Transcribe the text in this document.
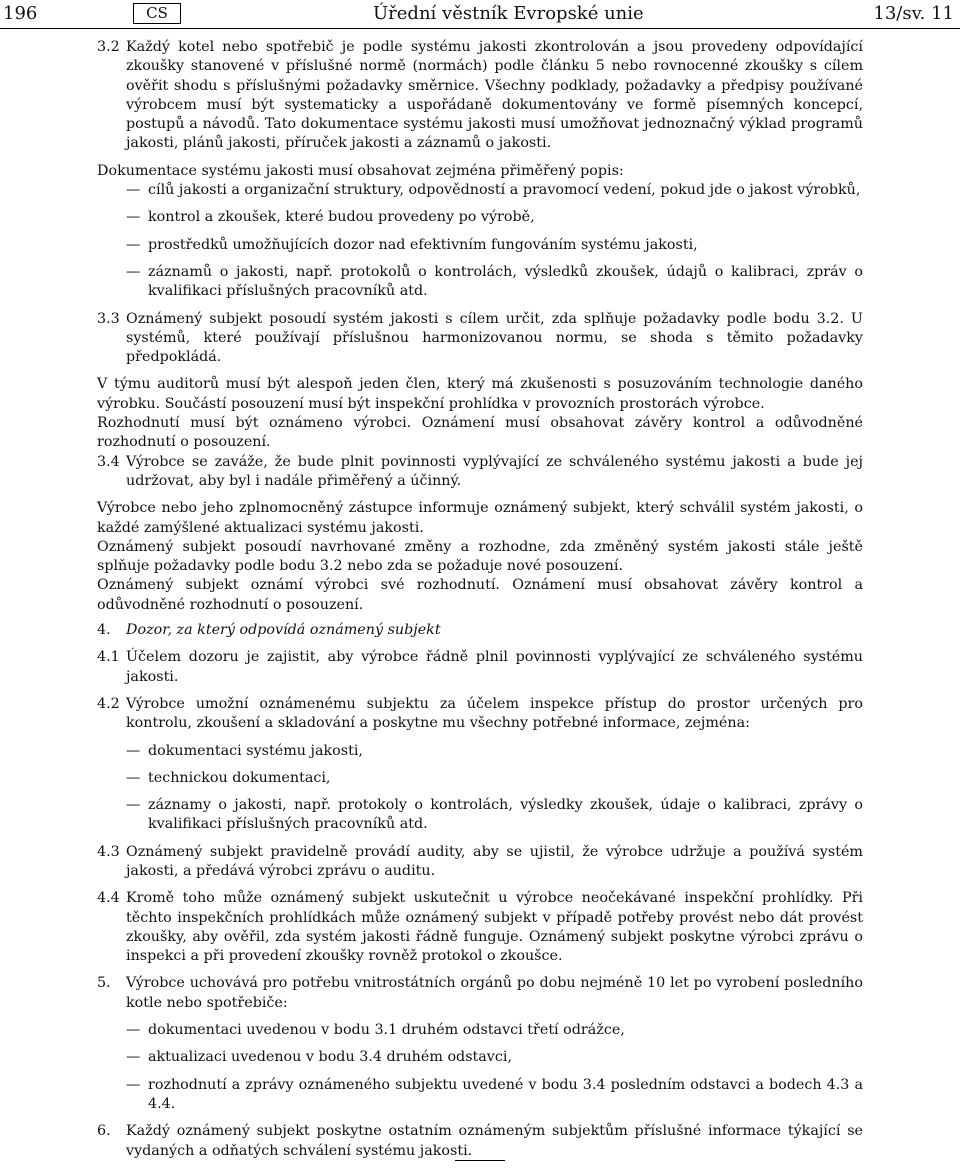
196	CS	Úřední věstník Evropské unie	13/sv. 11
3.2 Každý kotel nebo spotřebič je podle systému jakosti zkontrolován a jsou provedeny odpovídající zkoušky stanovené v příslušné normě (normách) podle článku 5 nebo rovnocenné zkoušky s cílem ověřit shodu s příslušnými požadavky směrnice. Všechny podklady, požadavky a předpisy používané výrobcem musí být systematicky a uspořádaně dokumentovány ve formě písemných koncepcí, postupů a návodů. Tato dokumentace systému jakosti musí umožňovat jednoznačný výklad programů jakosti, plánů jakosti, příruček jakosti a záznamů o jakosti.

Dokumentace systému jakosti musí obsahovat zejména přiměřený popis:

— cílů jakosti a organizační struktury, odpovědností a pravomocí vedení, pokud jde o jakost výrobků,
— kontrol a zkoušek, které budou provedeny po výrobě,
— prostředků umožňujících dozor nad efektivním fungováním systému jakosti,
— záznamů o jakosti, např. protokolů o kontrolách, výsledků zkoušek, údajů o kalibraci, zpráv o kvalifikaci příslušných pracovníků atd.
3.3 Oznámený subjekt posoudí systém jakosti s cílem určit, zda splňuje požadavky podle bodu 3.2. U systémů, které používají příslušnou harmonizovanou normu, se shoda s těmito požadavky předpokládá.

V týmu auditorů musí být alespoň jeden člen, který má zkušenosti s posuzováním technologie daného výrobku. Součástí posouzení musí být inspekční prohlídka v provozních prostorách výrobce.

Rozhodnutí musí být oznámeno výrobci. Oznámení musí obsahovat závěry kontrol a odůvodněné rozhodnutí o posouzení.

3.4 Výrobce se zaváže, že bude plnit povinnosti vyplývající ze schváleného systému jakosti a bude jej udržovat, aby byl i nadále přiměřený a účinný.

Výrobce nebo jeho zplnomocněný zástupce informuje oznámený subjekt, který schválil systém jakosti, o každé zamýšlené aktualizaci systému jakosti.

Oznámený subjekt posoudí navrhované změny a rozhodne, zda změněný systém jakosti stále ještě splňuje požadavky podle bodu 3.2 nebo zda se požaduje nové posouzení.

Oznámený subjekt oznámí výrobci své rozhodnutí. Oznámení musí obsahovat závěry kontrol a odůvodněné rozhodnutí o posouzení.

4.	Dozor, za který odpovídá oznámený subjekt

4.1 Účelem dozoru je zajistit, aby výrobce řádně plnil povinnosti vyplývající ze schváleného systému jakosti.

4.2 Výrobce umožní oznámenému subjektu za účelem inspekce přístup do prostor určených pro kontrolu, zkoušení a skladování a poskytne mu všechny potřebné informace, zejména:

— dokumentaci systému jakosti,
— technickou dokumentaci,
— záznamy o jakosti, např. protokoly o kontrolách, výsledky zkoušek, údaje o kalibraci, zprávy o kvalifikaci příslušných pracovníků atd.
4.3 Oznámený subjekt pravidelně provádí audity, aby se ujistil, že výrobce udržuje a používá systém jakosti, a předává výrobci zprávu o auditu.

4.4 Kromě toho může oznámený subjekt uskutečnit u výrobce neočekávané inspekční prohlídky. Při těchto inspekčních prohlídkách může oznámený subjekt v případě potřeby provést nebo dát provést zkoušky, aby ověřil, zda systém jakosti řádně funguje. Oznámený subjekt poskytne výrobci zprávu o inspekci a při provedení zkoušky rovněž protokol o zkoušce.

5.	Výrobce uchovává pro potřebu vnitrostátních orgánů po dobu nejméně 10 let po vyrobení posledního kotle nebo spotřebiče:

— dokumentaci uvedenou v bodu 3.1 druhém odstavci třetí odrážce,
— aktualizaci uvedenou v bodu 3.4 druhém odstavci,
— rozhodnutí a zprávy oznámeného subjektu uvedené v bodu 3.4 posledním odstavci a bodech 4.3 a 4.4.
6.	Každý oznámený subjekt poskytne ostatním oznámeným subjektům příslušné informace týkající se vydaných a odňatých schválení systému jakosti.
